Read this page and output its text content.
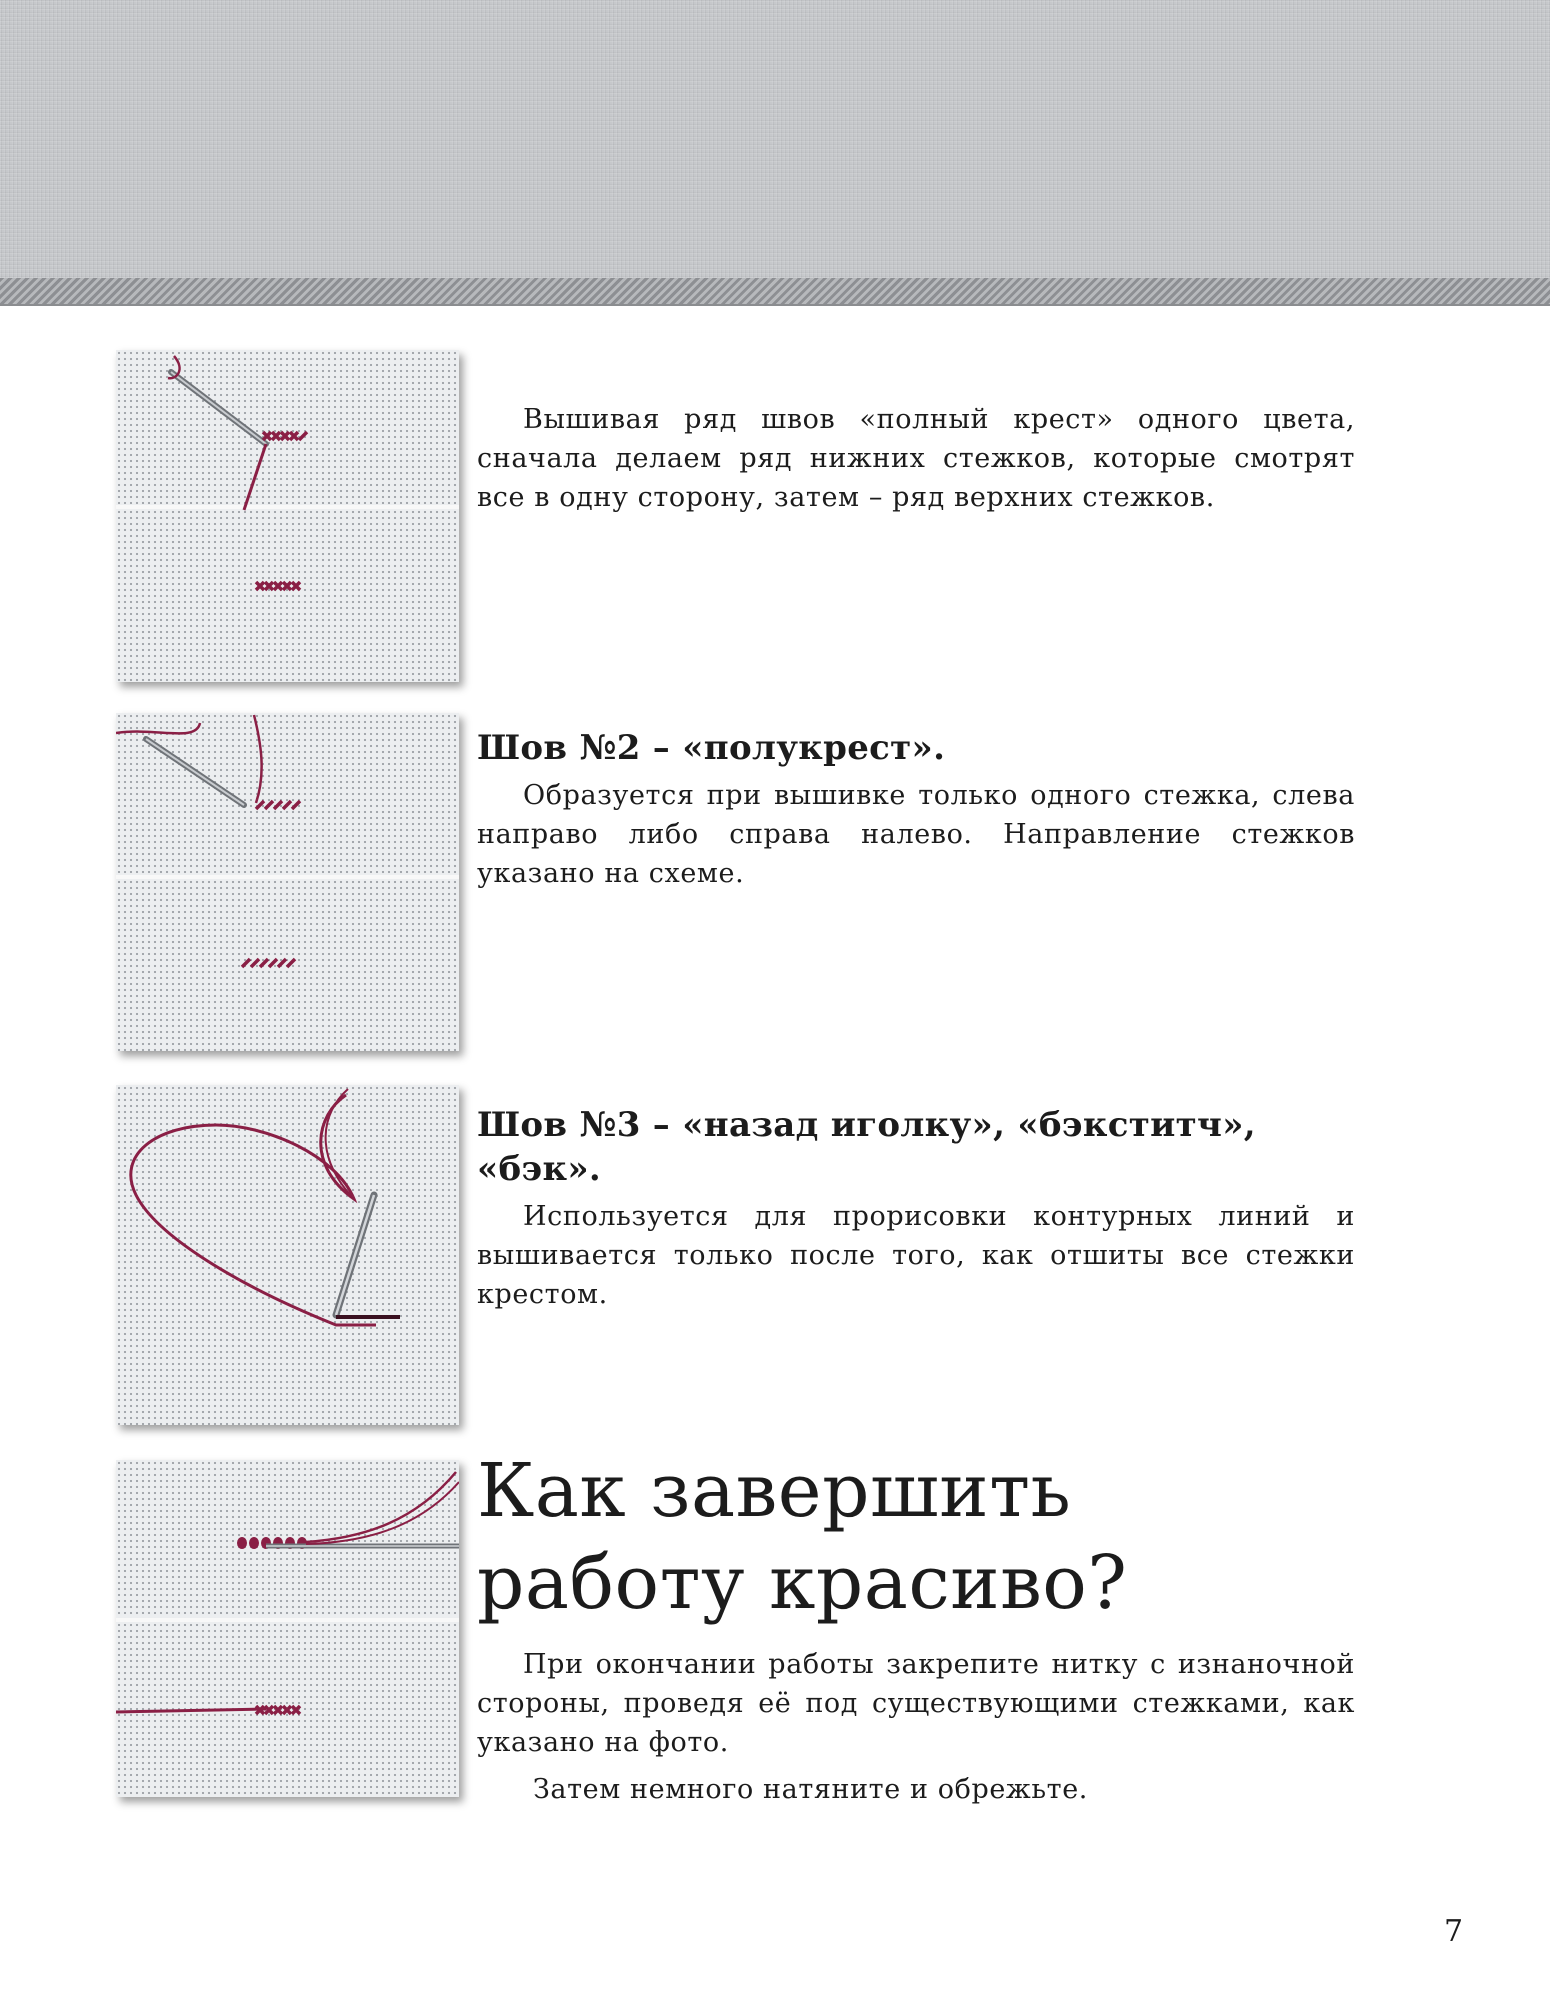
Вышивая ряд швов «полный крест» одного цвета, сначала делаем ряд нижних стежков, которые смотрят все в одну сторону, затем – ряд верхних стежков.

Шов №2 – «полукрест».

Образуется при вышивке только одного стежка, слева направо либо справа налево. Направление стежков указано на схеме.

Шов №3 – «назад иголку», «бэкститч», «бэк».

Используется для прорисовки контурных линий и вышивается только после того, как отшиты все стежки крестом.

Как завершить
работу красиво?

При окончании работы закрепите нитку с изнаночной стороны, проведя её под существующими стежками, как указано на фото.

Затем немного натяните и обрежьте.

7
